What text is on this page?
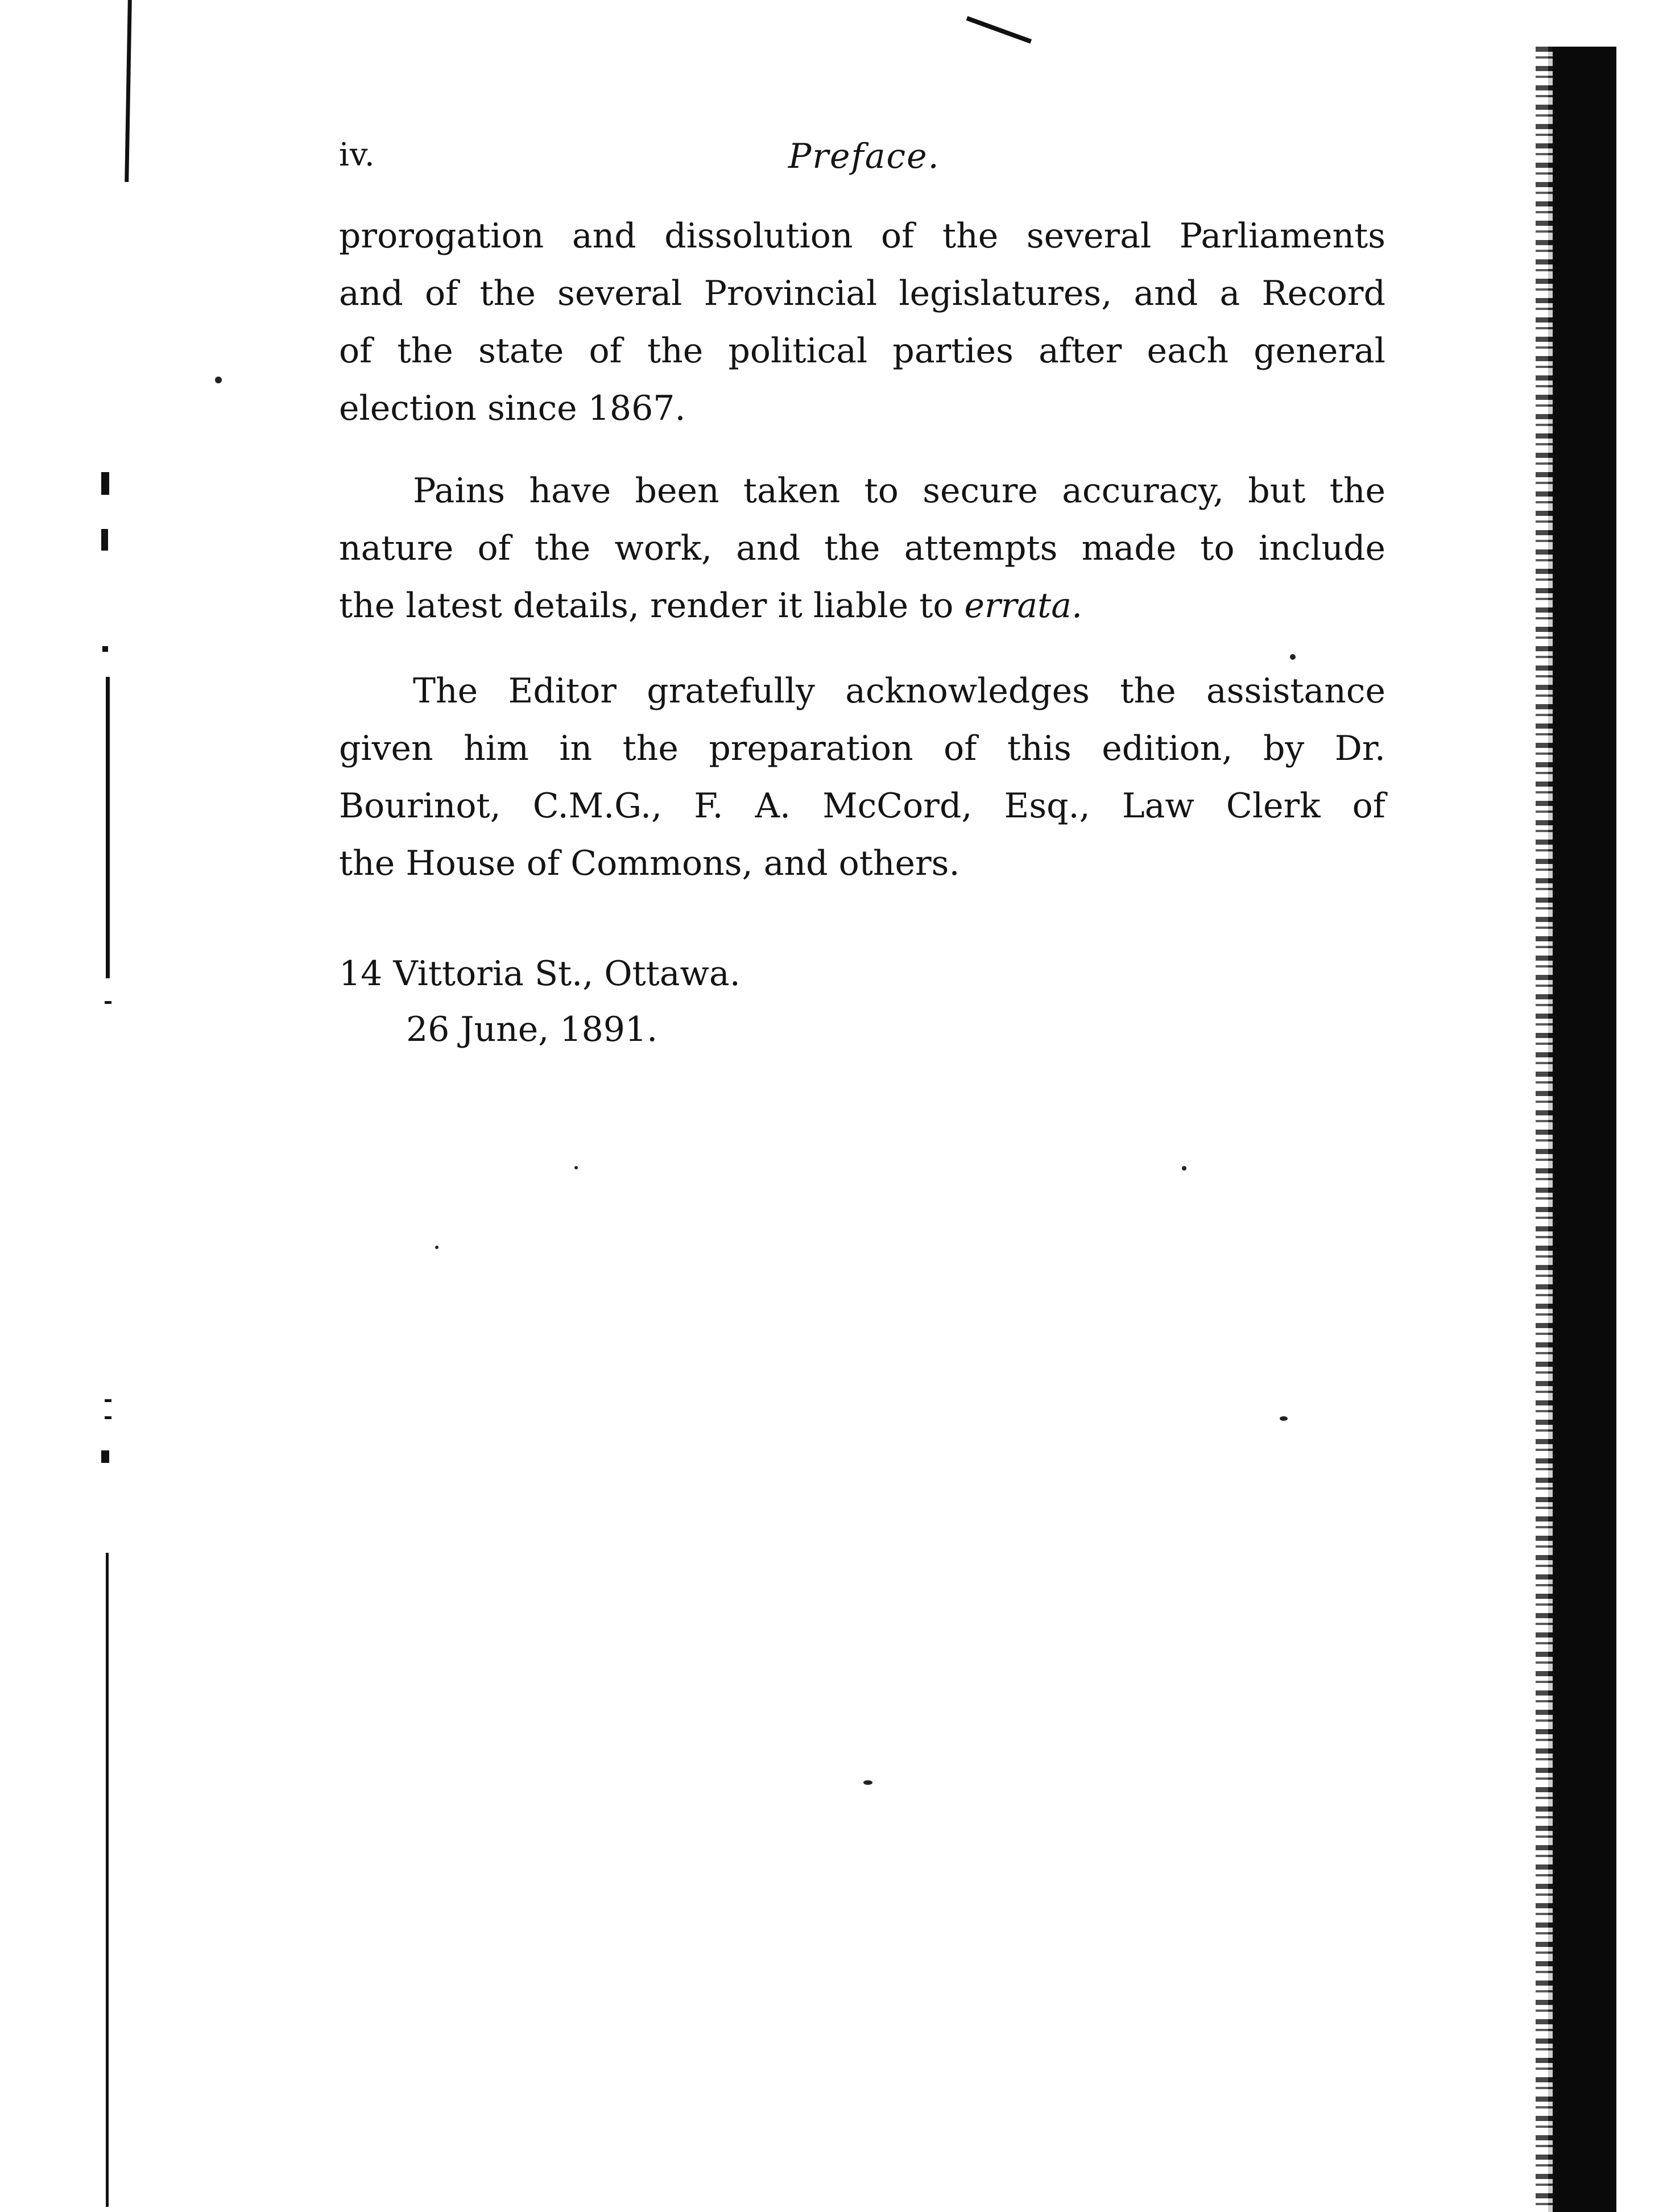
iv.	Preface.
prorogation and dissolution of the several Parliaments
and of the several Provincial legislatures, and a Record
of the state of the political parties after each general
election since 1867.
Pains have been taken to secure accuracy, but the
nature of the work, and the attempts made to include
the latest details, render it liable to errata.
The Editor gratefully acknowledges the assistance
given him in the preparation of this edition, by Dr.
Bourinot, C.M.G., F. A. McCord, Esq., Law Clerk of
the House of Commons, and others.
14 Vittoria St., Ottawa.
26 June, 1891.
